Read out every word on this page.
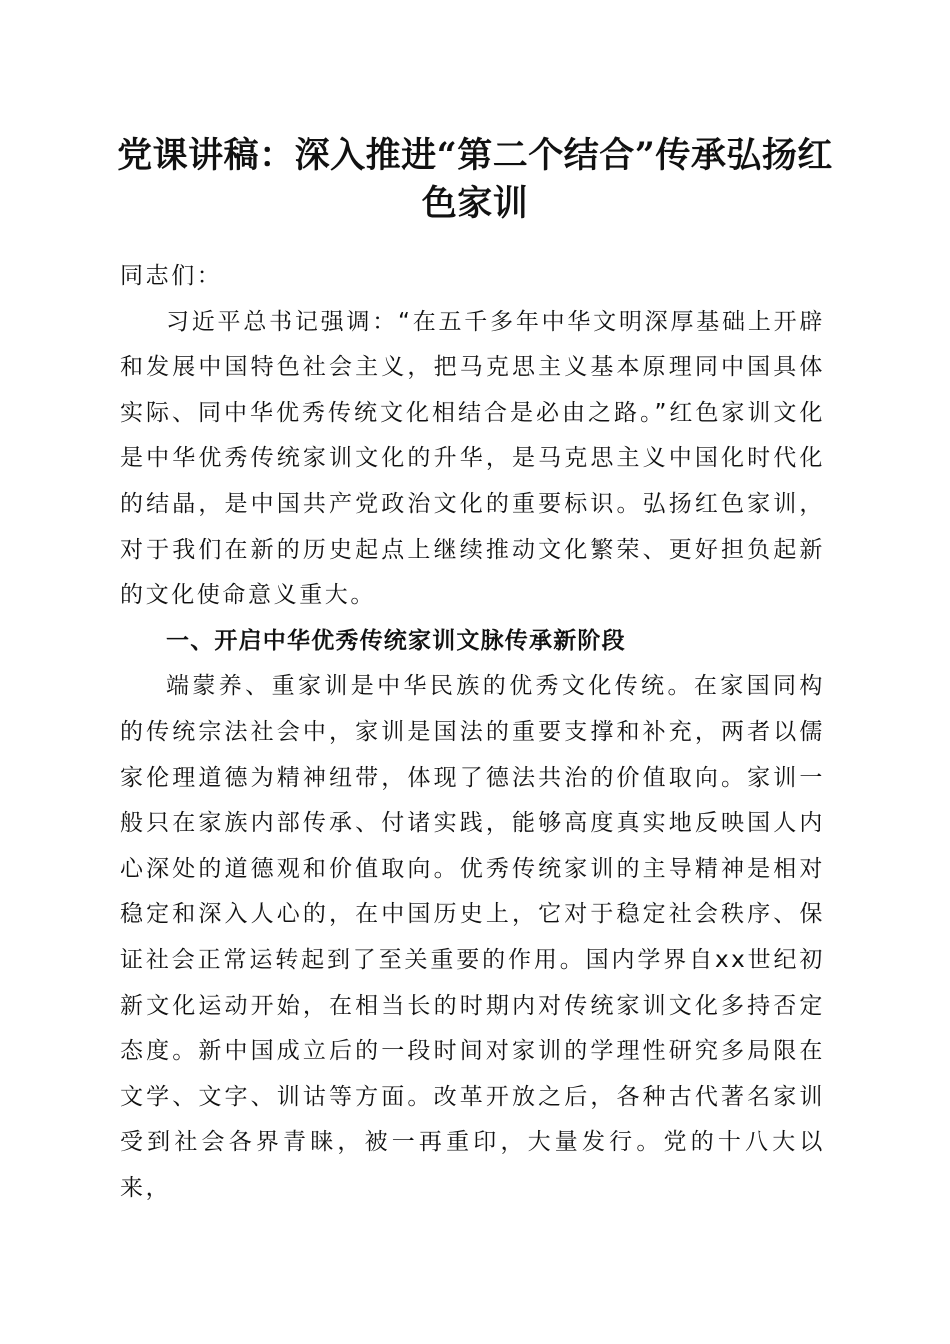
党课讲稿：深入推进“第二个结合”传承弘扬红色家训

同志们：

习近平总书记强调：“在五千多年中华文明深厚基础上开辟和发展中国特色社会主义，把马克思主义基本原理同中国具体实际、同中华优秀传统文化相结合是必由之路。”红色家训文化是中华优秀传统家训文化的升华，是马克思主义中国化时代化的结晶，是中国共产党政治文化的重要标识。弘扬红色家训，对于我们在新的历史起点上继续推动文化繁荣、更好担负起新的文化使命意义重大。

一、开启中华优秀传统家训文脉传承新阶段

端蒙养、重家训是中华民族的优秀文化传统。在家国同构的传统宗法社会中，家训是国法的重要支撑和补充，两者以儒家伦理道德为精神纽带，体现了德法共治的价值取向。家训一般只在家族内部传承、付诸实践，能够高度真实地反映国人内心深处的道德观和价值取向。优秀传统家训的主导精神是相对稳定和深入人心的，在中国历史上，它对于稳定社会秩序、保证社会正常运转起到了至关重要的作用。国内学界自xx世纪初新文化运动开始，在相当长的时期内对传统家训文化多持否定态度。新中国成立后的一段时间对家训的学理性研究多局限在文学、文字、训诂等方面。改革开放之后，各种古代著名家训受到社会各界青睐，被一再重印，大量发行。党的十八大以来，
